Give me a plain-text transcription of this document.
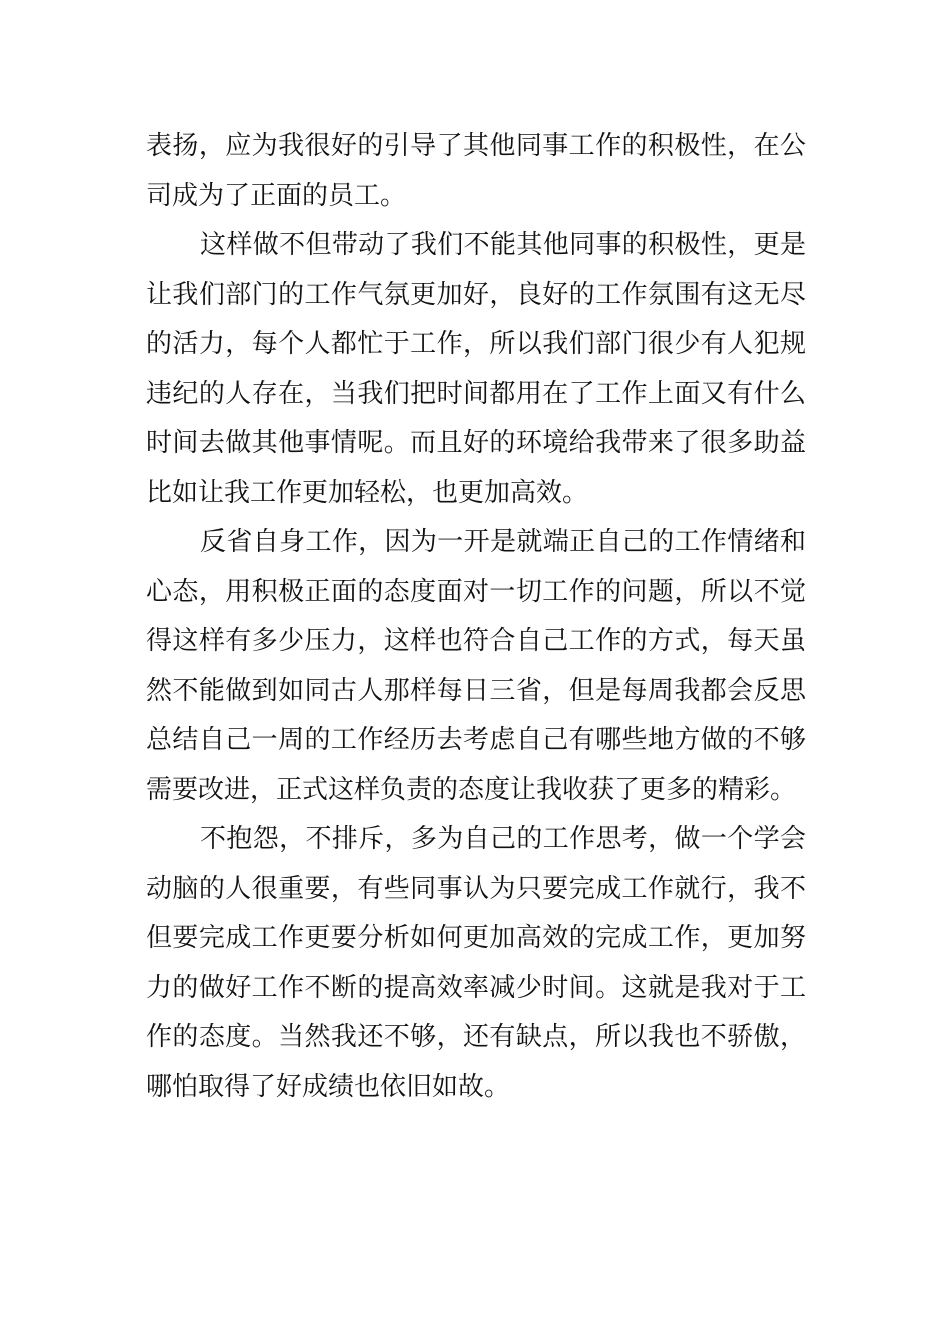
表扬，应为我很好的引导了其他同事工作的积极性，在公
司成为了正面的员工。
这样做不但带动了我们不能其他同事的积极性，更是
让我们部门的工作气氛更加好，良好的工作氛围有这无尽
的活力，每个人都忙于工作，所以我们部门很少有人犯规
违纪的人存在，当我们把时间都用在了工作上面又有什么
时间去做其他事情呢。而且好的环境给我带来了很多助益
比如让我工作更加轻松，也更加高效。
反省自身工作，因为一开是就端正自己的工作情绪和
心态，用积极正面的态度面对一切工作的问题，所以不觉
得这样有多少压力，这样也符合自己工作的方式，每天虽
然不能做到如同古人那样每日三省，但是每周我都会反思
总结自己一周的工作经历去考虑自己有哪些地方做的不够
需要改进，正式这样负责的态度让我收获了更多的精彩。
不抱怨，不排斥，多为自己的工作思考，做一个学会
动脑的人很重要，有些同事认为只要完成工作就行，我不
但要完成工作更要分析如何更加高效的完成工作，更加努
力的做好工作不断的提高效率减少时间。这就是我对于工
作的态度。当然我还不够，还有缺点，所以我也不骄傲，
哪怕取得了好成绩也依旧如故。
